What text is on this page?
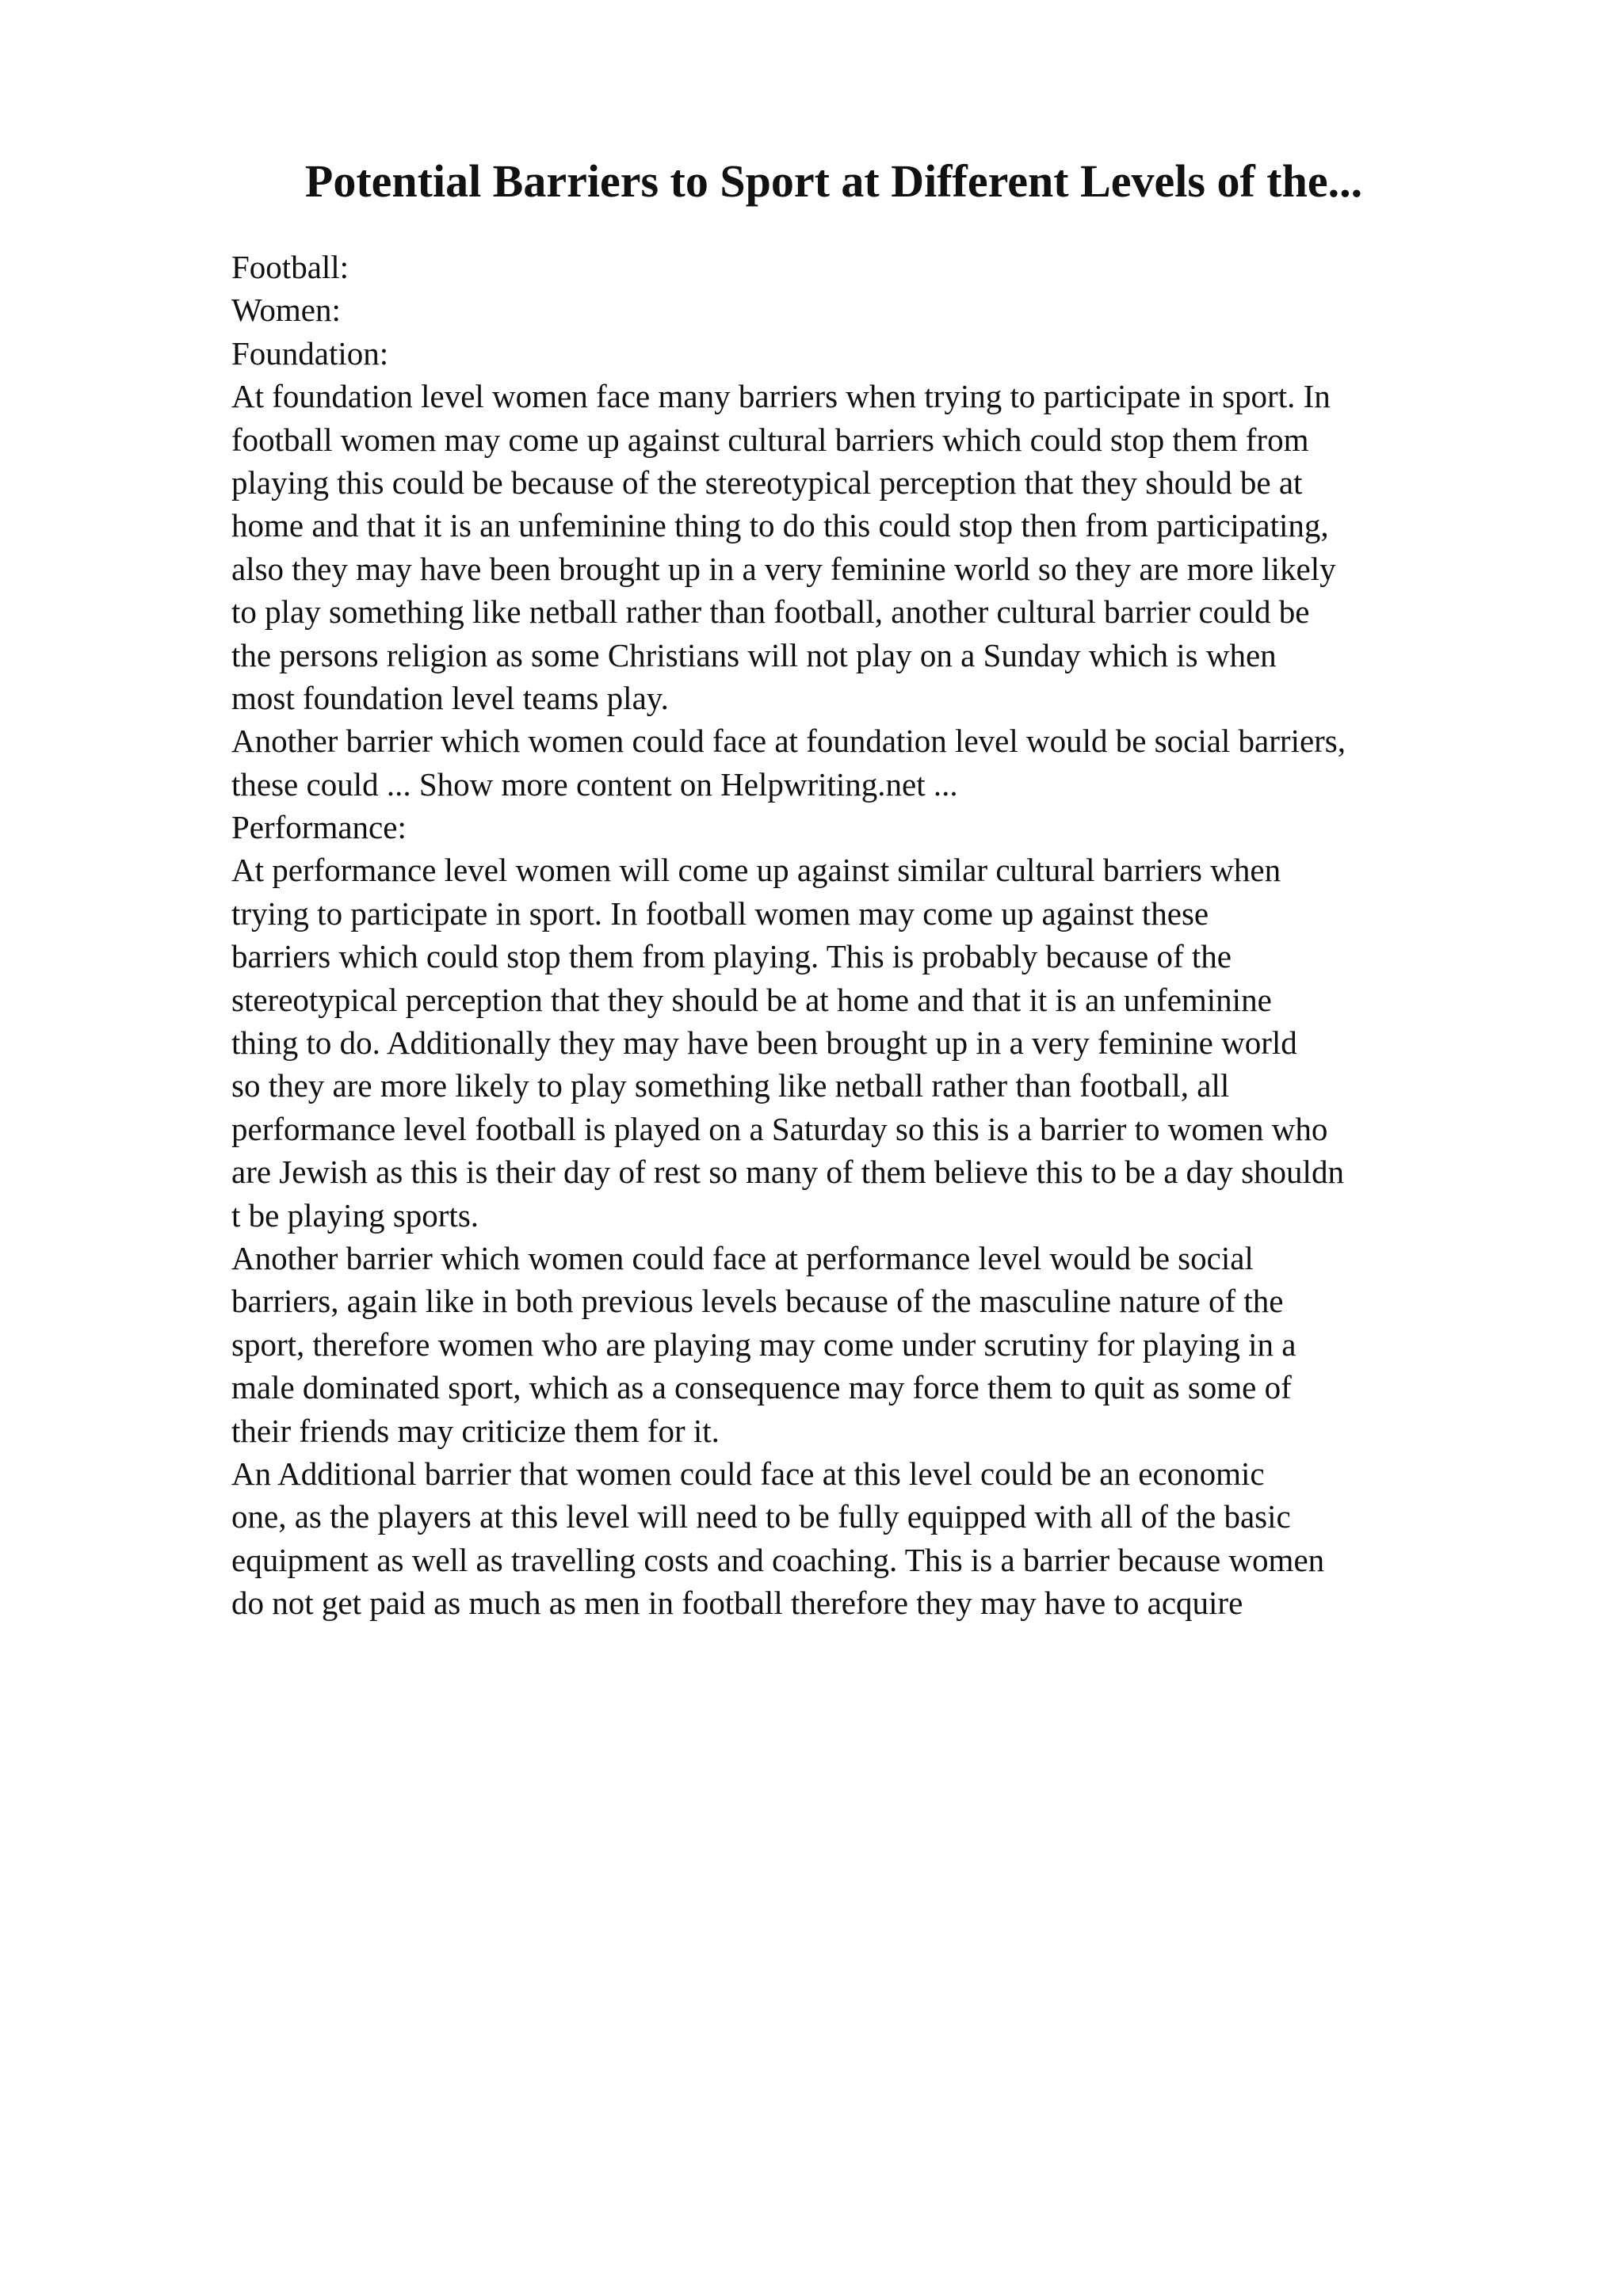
Potential Barriers to Sport at Different Levels of the...
Football:
Women:
Foundation:
At foundation level women face many barriers when trying to participate in sport. In
football women may come up against cultural barriers which could stop them from
playing this could be because of the stereotypical perception that they should be at
home and that it is an unfeminine thing to do this could stop then from participating,
also they may have been brought up in a very feminine world so they are more likely
to play something like netball rather than football, another cultural barrier could be
the persons religion as some Christians will not play on a Sunday which is when
most foundation level teams play.
Another barrier which women could face at foundation level would be social barriers,
these could ... Show more content on Helpwriting.net ...
Performance:
At performance level women will come up against similar cultural barriers when
trying to participate in sport. In football women may come up against these
barriers which could stop them from playing. This is probably because of the
stereotypical perception that they should be at home and that it is an unfeminine
thing to do. Additionally they may have been brought up in a very feminine world
so they are more likely to play something like netball rather than football, all
performance level football is played on a Saturday so this is a barrier to women who
are Jewish as this is their day of rest so many of them believe this to be a day shouldn
t be playing sports.
Another barrier which women could face at performance level would be social
barriers, again like in both previous levels because of the masculine nature of the
sport, therefore women who are playing may come under scrutiny for playing in a
male dominated sport, which as a consequence may force them to quit as some of
their friends may criticize them for it.
An Additional barrier that women could face at this level could be an economic
one, as the players at this level will need to be fully equipped with all of the basic
equipment as well as travelling costs and coaching. This is a barrier because women
do not get paid as much as men in football therefore they may have to acquire
